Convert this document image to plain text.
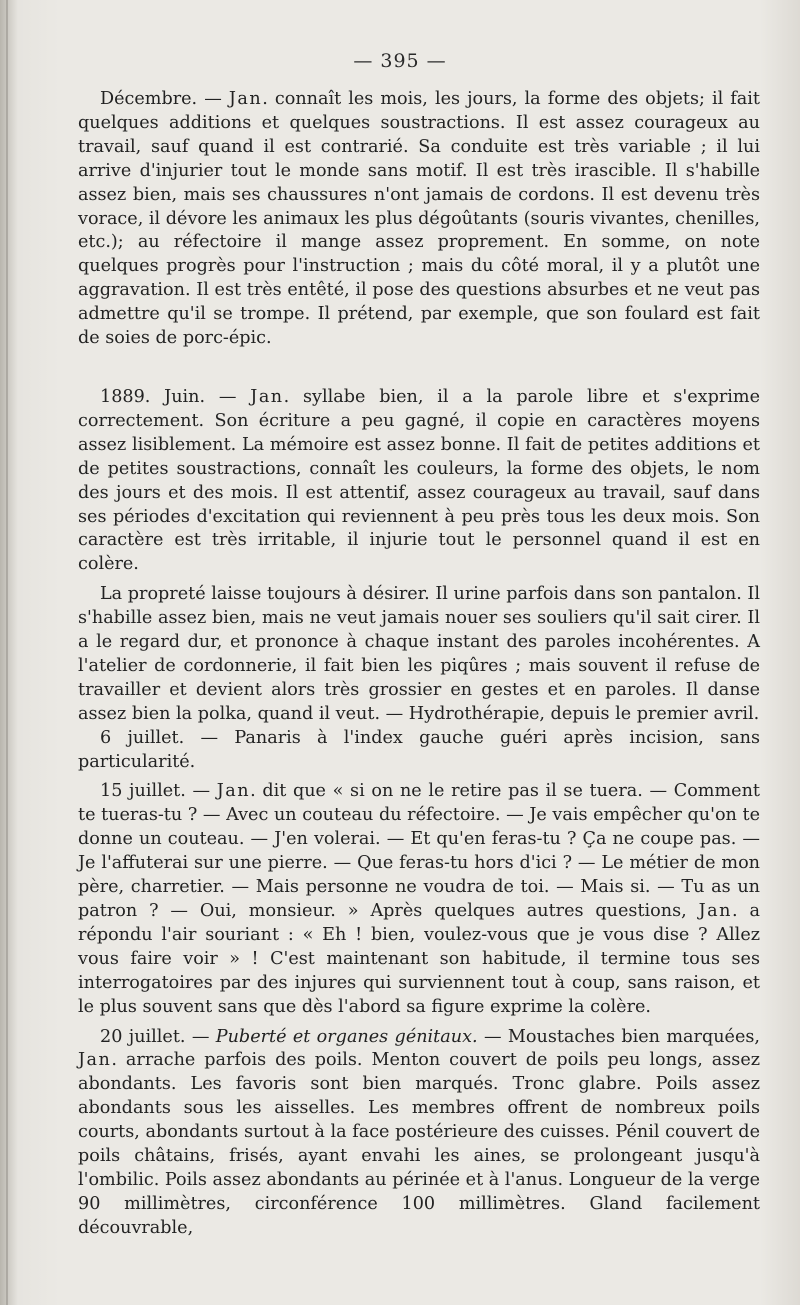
— 395 —

Décembre. — Jan. connaît les mois, les jours, la forme des objets; il fait quelques additions et quelques soustractions. Il est assez courageux au travail, sauf quand il est contrarié. Sa conduite est très variable ; il lui arrive d'injurier tout le monde sans motif. Il est très irascible. Il s'habille assez bien, mais ses chaussures n'ont jamais de cordons. Il est devenu très vorace, il dévore les animaux les plus dégoûtants (souris vivantes, chenilles, etc.); au réfectoire il mange assez proprement. En somme, on note quelques progrès pour l'instruction ; mais du côté moral, il y a plutôt une aggravation. Il est très entêté, il pose des questions absurbes et ne veut pas admettre qu'il se trompe. Il prétend, par exemple, que son foulard est fait de soies de porc-épic.

1889. Juin. — Jan. syllabe bien, il a la parole libre et s'exprime correctement. Son écriture a peu gagné, il copie en caractères moyens assez lisiblement. La mémoire est assez bonne. Il fait de petites additions et de petites soustractions, connaît les couleurs, la forme des objets, le nom des jours et des mois. Il est attentif, assez courageux au travail, sauf dans ses périodes d'excitation qui reviennent à peu près tous les deux mois. Son caractère est très irritable, il injurie tout le personnel quand il est en colère.

La propreté laisse toujours à désirer. Il urine parfois dans son pantalon. Il s'habille assez bien, mais ne veut jamais nouer ses souliers qu'il sait cirer. Il a le regard dur, et prononce à chaque instant des paroles incohérentes. A l'atelier de cordonnerie, il fait bien les piqûres ; mais souvent il refuse de travailler et devient alors très grossier en gestes et en paroles. Il danse assez bien la polka, quand il veut. — Hydrothérapie, depuis le premier avril.

6 juillet. — Panaris à l'index gauche guéri après incision, sans particularité.

15 juillet. — Jan. dit que « si on ne le retire pas il se tuera. — Comment te tueras-tu ? — Avec un couteau du réfectoire. — Je vais empêcher qu'on te donne un couteau. — J'en volerai. — Et qu'en feras-tu ? Ça ne coupe pas. — Je l'affuterai sur une pierre. — Que feras-tu hors d'ici ? — Le métier de mon père, charretier. — Mais personne ne voudra de toi. — Mais si. — Tu as un patron ? — Oui, monsieur. » Après quelques autres questions, Jan. a répondu l'air souriant : « Eh ! bien, voulez-vous que je vous dise ? Allez vous faire voir » ! C'est maintenant son habitude, il termine tous ses interrogatoires par des injures qui surviennent tout à coup, sans raison, et le plus souvent sans que dès l'abord sa figure exprime la colère.

20 juillet. — Puberté et organes génitaux. — Moustaches bien marquées, Jan. arrache parfois des poils. Menton couvert de poils peu longs, assez abondants. Les favoris sont bien marqués. Tronc glabre. Poils assez abondants sous les aisselles. Les membres offrent de nombreux poils courts, abondants surtout à la face postérieure des cuisses. Pénil couvert de poils châtains, frisés, ayant envahi les aines, se prolongeant jusqu'à l'ombilic. Poils assez abondants au périnée et à l'anus. Longueur de la verge 90 millimètres, circonférence 100 millimètres. Gland facilement découvrable,
